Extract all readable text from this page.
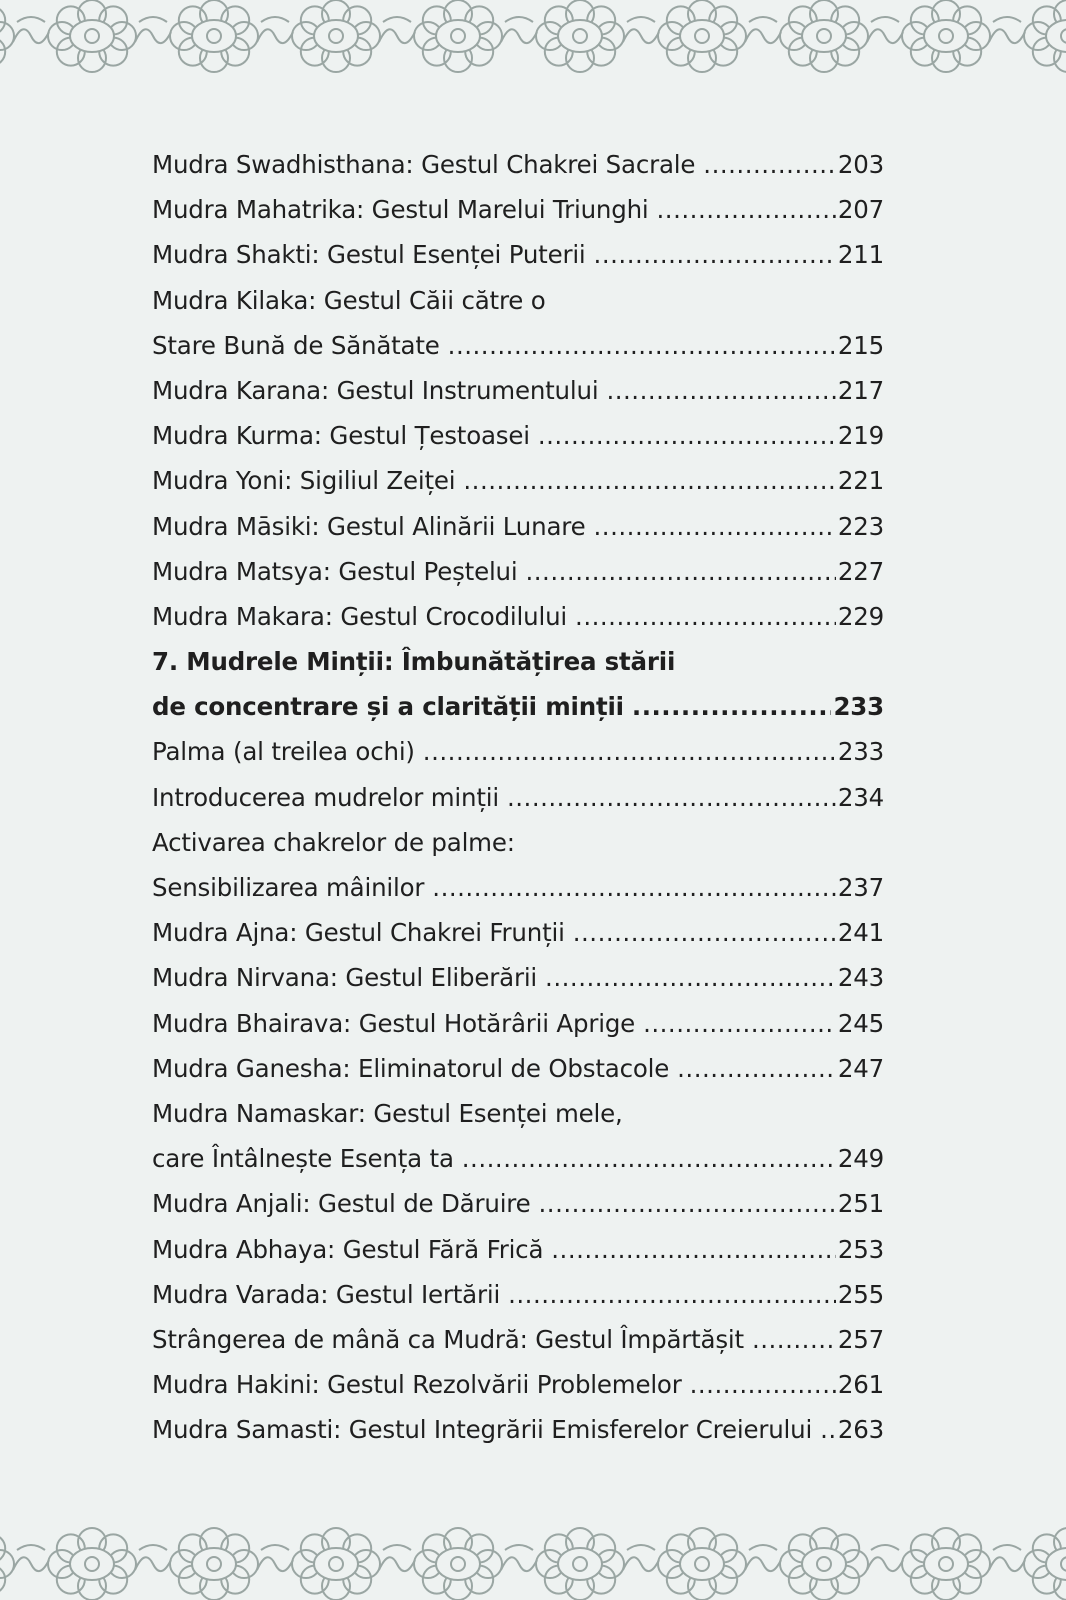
Mudra Swadhisthana: Gestul Chakrei Sacrale .....	203
Mudra Mahatrika: Gestul Marelui Triunghi .....	207
Mudra Shakti: Gestul Esenței Puterii .....	211
Mudra Kilaka: Gestul Căii către o
Stare Bună de Sănătate .....	215
Mudra Karana: Gestul Instrumentului .....	217
Mudra Kurma: Gestul Țestoasei .....	219
Mudra Yoni: Sigiliul Zeiței .....	221
Mudra Māsiki: Gestul Alinării Lunare .....	223
Mudra Matsya: Gestul Peștelui .....	227
Mudra Makara: Gestul Crocodilului .....	229
7. Mudrele Minții: Îmbunătățirea stării
de concentrare și a clarității minții .....	233
Palma (al treilea ochi) .....	233
Introducerea mudrelor minții .....	234
Activarea chakrelor de palme:
Sensibilizarea mâinilor .....	237
Mudra Ajna: Gestul Chakrei Frunții .....	241
Mudra Nirvana: Gestul Eliberării .....	243
Mudra Bhairava: Gestul Hotărârii Aprige .....	245
Mudra Ganesha: Eliminatorul de Obstacole .....	247
Mudra Namaskar: Gestul Esenței mele,
care Întâlnește Esența ta .....	249
Mudra Anjali: Gestul de Dăruire .....	251
Mudra Abhaya: Gestul Fără Frică .....	253
Mudra Varada: Gestul Iertării .....	255
Strângerea de mână ca Mudră: Gestul Împărtășit .....	257
Mudra Hakini: Gestul Rezolvării Problemelor .....	261
Mudra Samasti: Gestul Integrării Emisferelor Creierului ..... 263
